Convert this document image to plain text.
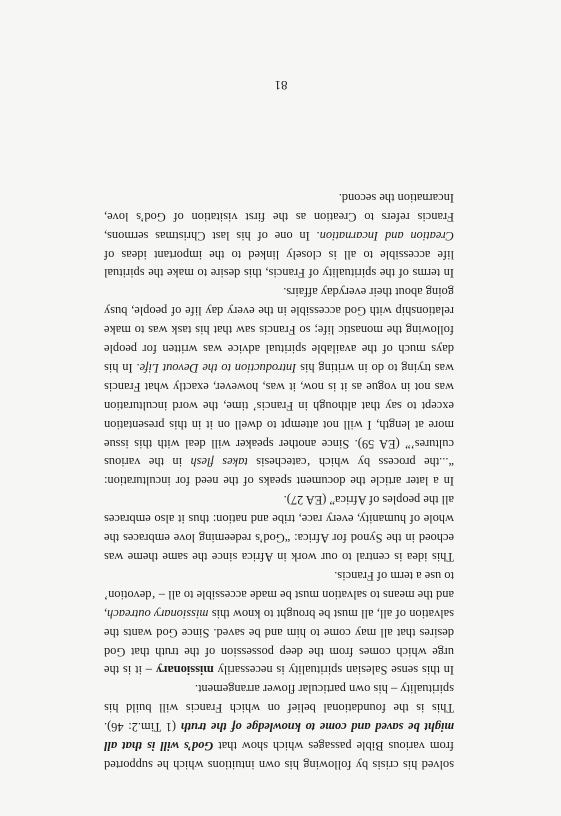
solved his crisis by following his own intuitions which he supported from various Bible passages which show that God’s will is that all might be saved and come to knowledge of the truth (1 Tim.2: 46). This is the foundational belief on which Francis will build his spirituality – his own particular flower arrangement.

In this sense Salesian spirituality is necessarily missionary – it is the urge which comes from the deep possession of the truth that God desires that all may come to him and be saved. Since God wants the salvation of all, all must be brought to know this missionary outreach, and the means to salvation must be made accessible to all – ‘devotion’ to use a term of Francis.

This idea is central to our work in Africa since the same theme was echoed in the Synod for Africa: “God’s redeeming love embraces the whole of humanity, every race, tribe and nation: thus it also embraces all the peoples of Africa” (EA 27).

In a later article the document speaks of the need for inculturation: “...the process by which ‘catechesis takes flesh in the various cultures’” (EA 59). Since another speaker will deal with this issue more at length, I will not attempt to dwell on it in this presentation except to say that although in Francis’ time, the word inculturation was not in vogue as it is now, it was, however, exactly what Francis was trying to do in writing his Introduction to the Devout Life. In his days much of the available spiritual advice was written for people following the monastic life; so Francis saw that his task was to make relationship with God accessible in the every day life of people, busy going about their everyday affairs.

In terms of the spirituality of Francis, this desire to make the spiritual life accessible to all is closely linked to the important ideas of Creation and Incarnation. In one of his last Christmas sermons, Francis refers to Creation as the first visitation of God’s love, Incarnation the second.

81
